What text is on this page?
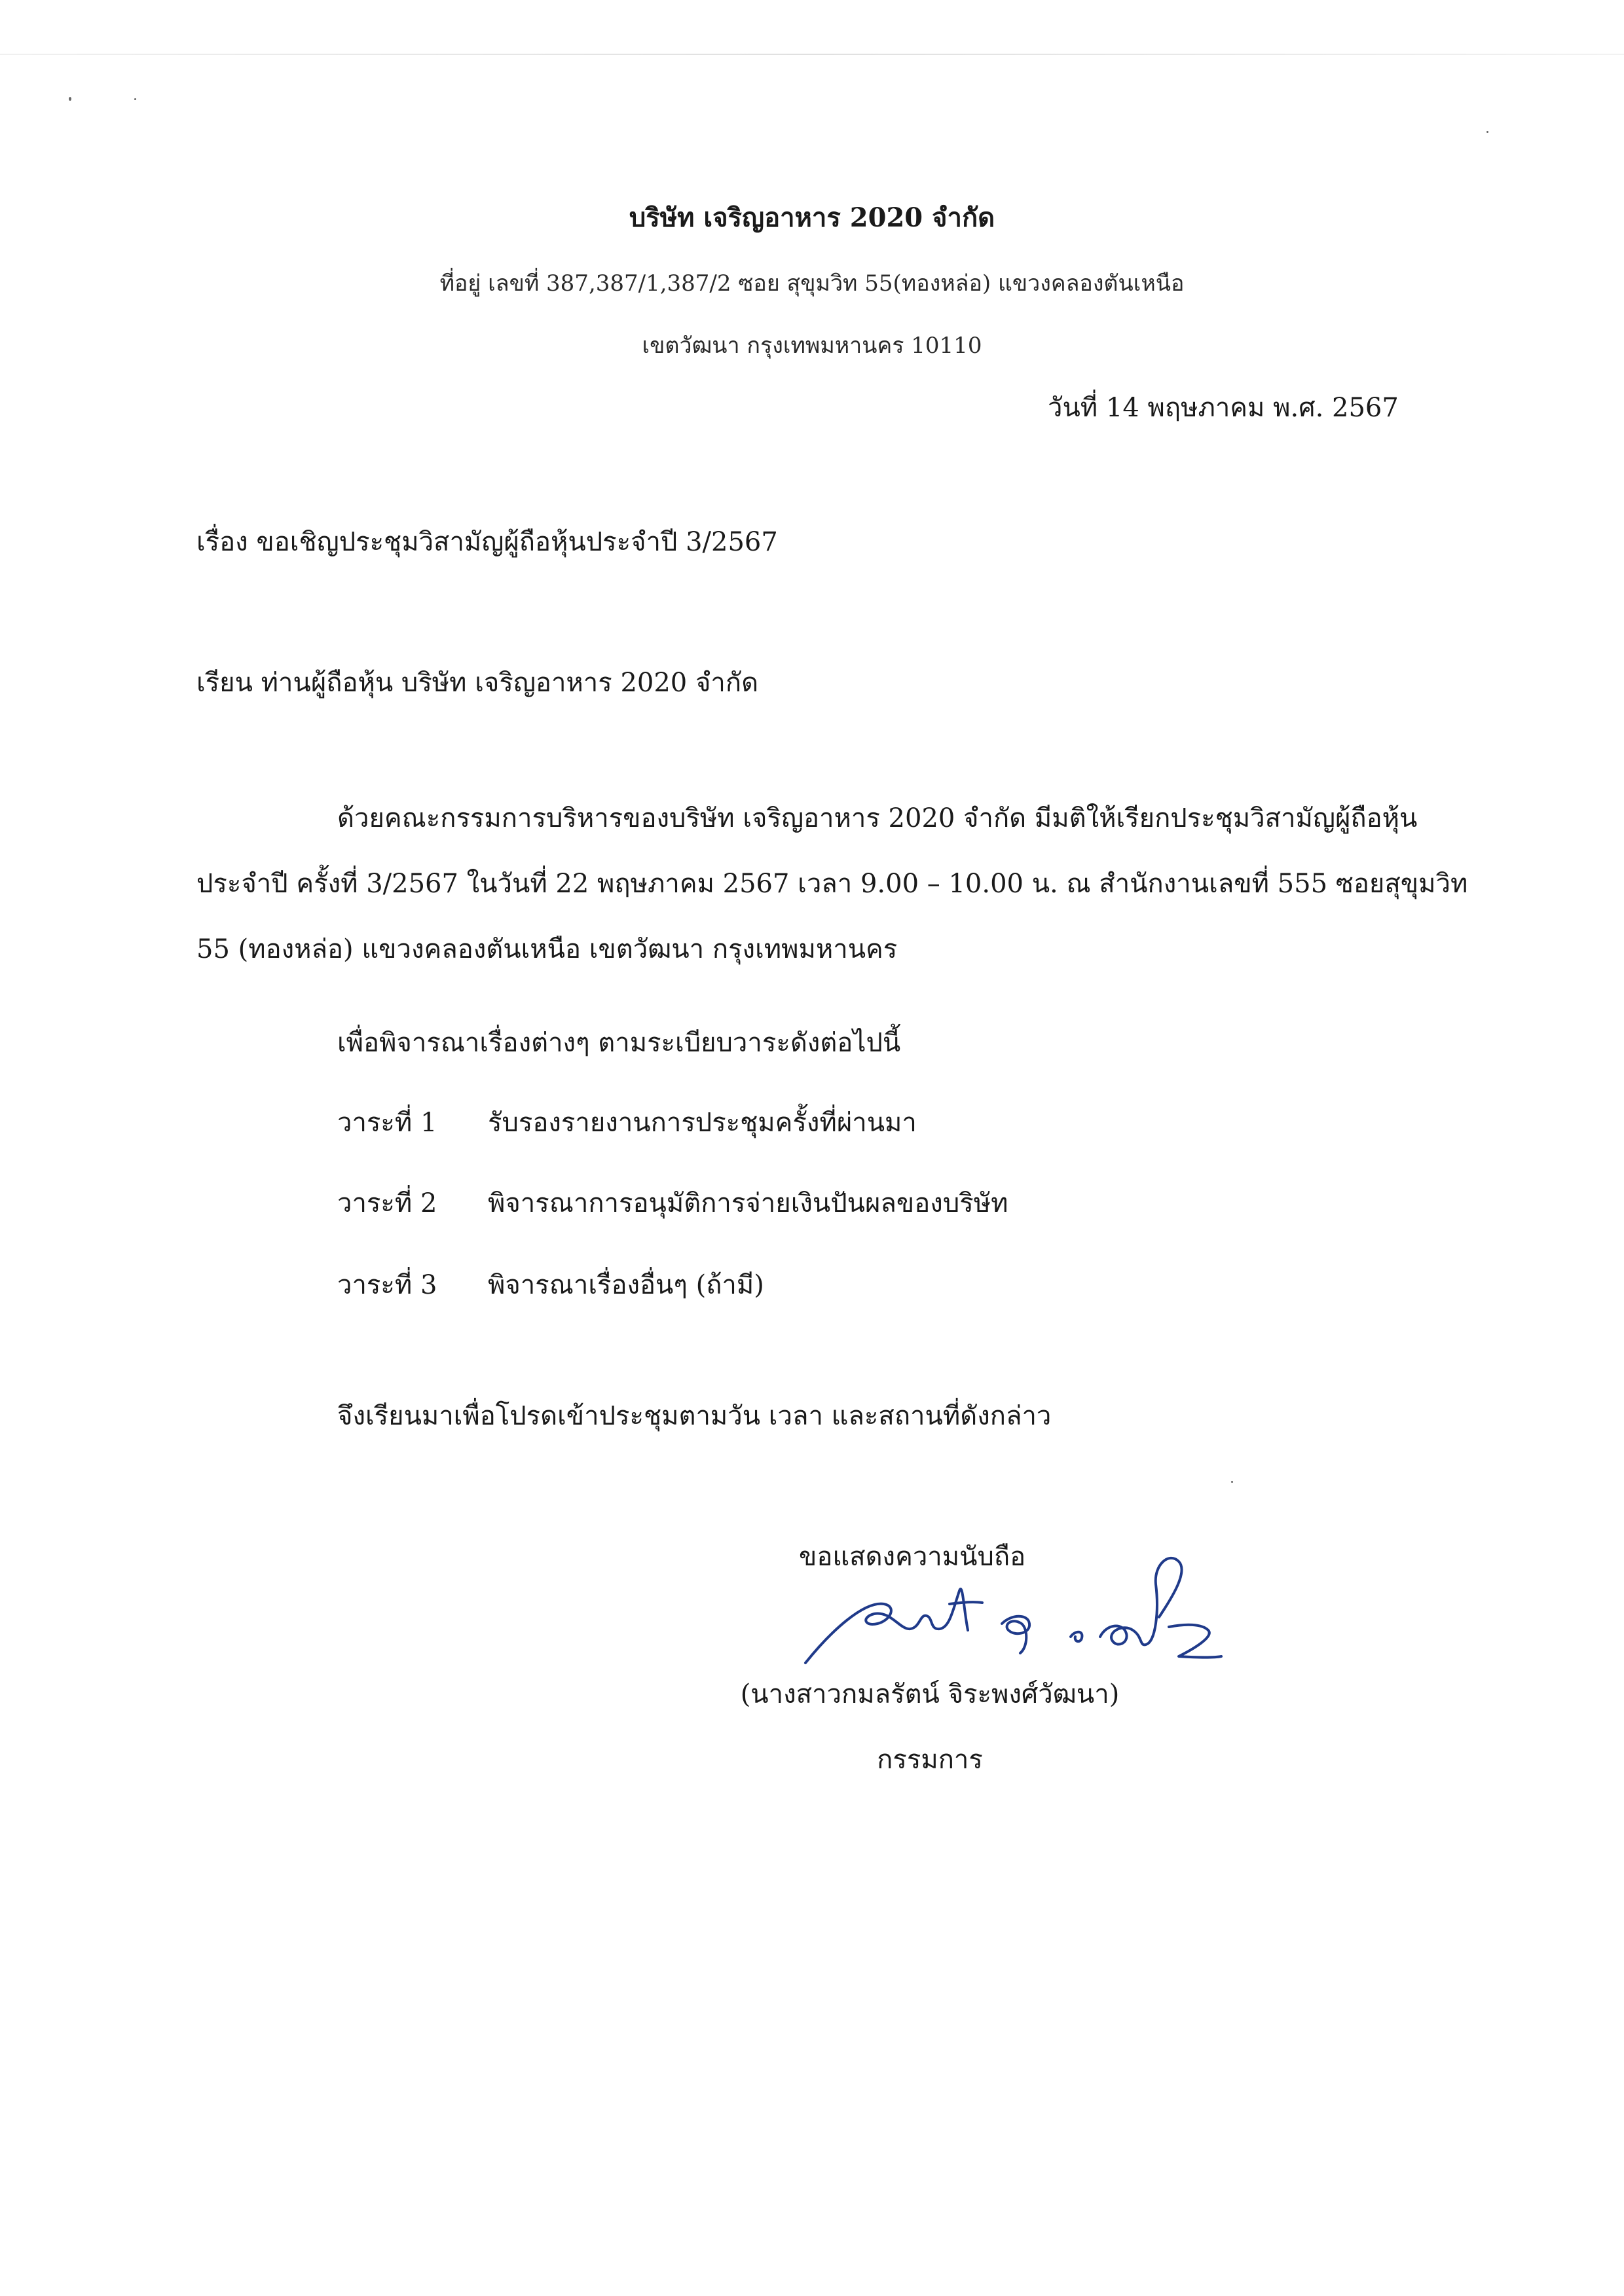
บริษัท เจริญอาหาร 2020 จำกัด
ที่อยู่ เลขที่ 387,387/1,387/2 ซอย สุขุมวิท 55(ทองหล่อ) แขวงคลองตันเหนือ
เขตวัฒนา กรุงเทพมหานคร 10110
วันที่ 14 พฤษภาคม พ.ศ. 2567
เรื่อง ขอเชิญประชุมวิสามัญผู้ถือหุ้นประจำปี 3/2567
เรียน ท่านผู้ถือหุ้น บริษัท เจริญอาหาร 2020 จำกัด
ด้วยคณะกรรมการบริหารของบริษัท เจริญอาหาร 2020 จำกัด มีมติให้เรียกประชุมวิสามัญผู้ถือหุ้น
ประจำปี ครั้งที่ 3/2567 ในวันที่ 22 พฤษภาคม 2567 เวลา 9.00 – 10.00 น. ณ สำนักงานเลขที่ 555 ซอยสุขุมวิท
55 (ทองหล่อ) แขวงคลองตันเหนือ เขตวัฒนา กรุงเทพมหานคร
เพื่อพิจารณาเรื่องต่างๆ ตามระเบียบวาระดังต่อไปนี้
วาระที่ 1 รับรองรายงานการประชุมครั้งที่ผ่านมา
วาระที่ 2 พิจารณาการอนุมัติการจ่ายเงินปันผลของบริษัท
วาระที่ 3 พิจารณาเรื่องอื่นๆ (ถ้ามี)
จึงเรียนมาเพื่อโปรดเข้าประชุมตามวัน เวลา และสถานที่ดังกล่าว
ขอแสดงความนับถือ
(นางสาวกมลรัตน์ จิระพงศ์วัฒนา)
กรรมการ
